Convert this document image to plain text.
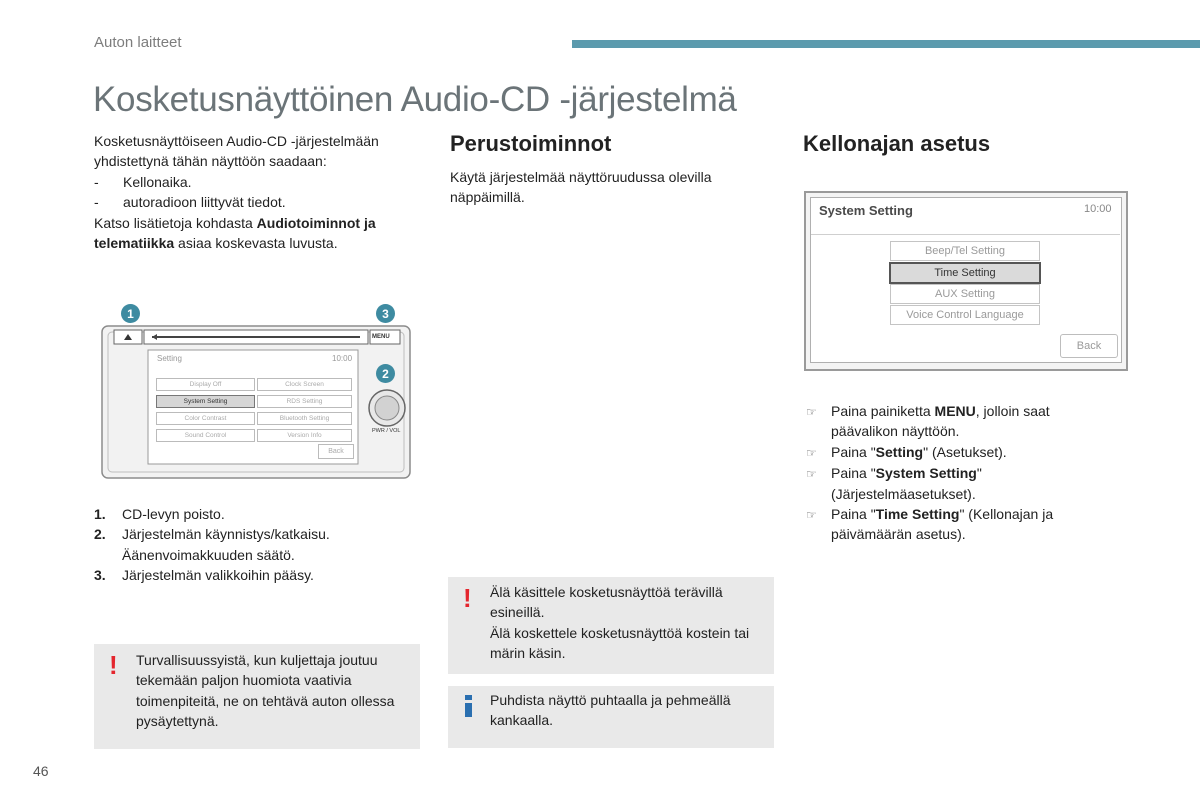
Auton laitteet
Kosketusnäyttöinen Audio-CD -järjestelmä

Kosketusnäyttöiseen Audio-CD -järjestelmään yhdistettynä tähän näyttöön saadaan:

-	Kellonaika.
-	autoradioon liittyvät tiedot.

Katso lisätietoja kohdasta Audiotoiminnot ja telematiikka asiaa koskevasta luvusta.

MENU
PWR / VOL
Setting	10:00
Display Off	Clock Screen
System Setting	RDS Setting
Color Contrast	Bluetooth Setting
Sound Control	Version Info
Back
1	3
2
1.	CD-levyn poisto.
2.	Järjestelmän käynnistys/katkaisu. Äänenvoimakkuuden säätö.
3.	Järjestelmän valikkoihin pääsy.
Perustoiminnot

Käytä järjestelmää näyttöruudussa olevilla näppäimillä.

Kellonajan asetus
System Setting	10:00
Beep/Tel Setting
Time Setting
AUX Setting
Voice Control Language
Back
☞	Paina painiketta MENU, jolloin saat päävalikon näyttöön.
☞	Paina "Setting" (Asetukset).
☞	Paina "System Setting" (Järjestelmäasetukset).
☞	Paina "Time Setting" (Kellonajan ja päivämäärän asetus).
! Turvallisuussyistä, kun kuljettaja joutuu tekemään paljon huomiota vaativia toimenpiteitä, ne on tehtävä auton ollessa pysäytettynä.
! Älä käsittele kosketusnäyttöä terävillä esineillä.
Älä koskettele kosketusnäyttöä kostein tai märin käsin.
Puhdista näyttö puhtaalla ja pehmeällä kankaalla.
46
